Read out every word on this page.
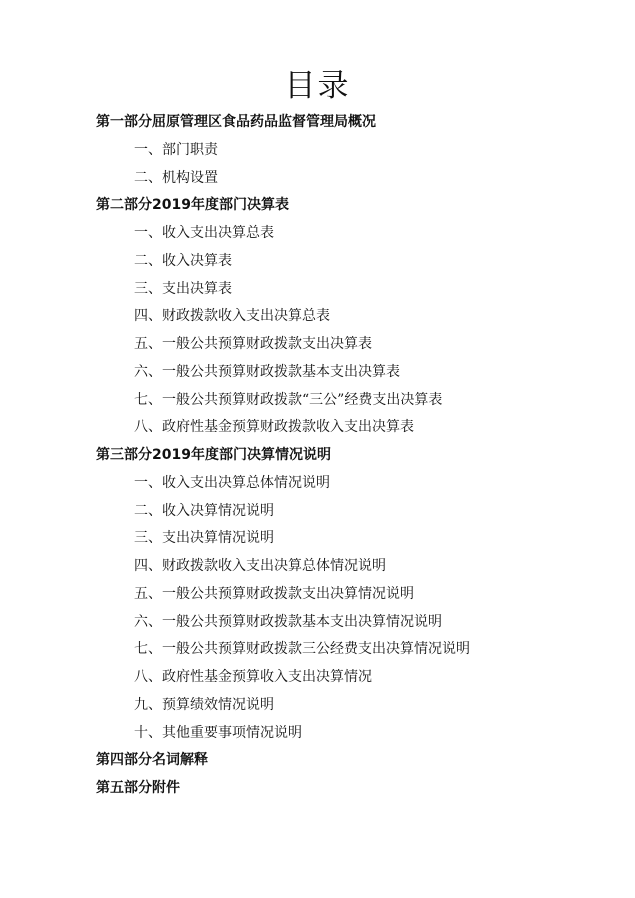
目录
第一部分屈原管理区食品药品监督管理局概况
一、部门职责
二、机构设置
第二部分2019年度部门决算表
一、收入支出决算总表
二、收入决算表
三、支出决算表
四、财政拨款收入支出决算总表
五、一般公共预算财政拨款支出决算表
六、一般公共预算财政拨款基本支出决算表
七、一般公共预算财政拨款“三公”经费支出决算表
八、政府性基金预算财政拨款收入支出决算表
第三部分2019年度部门决算情况说明
一、收入支出决算总体情况说明
二、收入决算情况说明
三、支出决算情况说明
四、财政拨款收入支出决算总体情况说明
五、一般公共预算财政拨款支出决算情况说明
六、一般公共预算财政拨款基本支出决算情况说明
七、一般公共预算财政拨款三公经费支出决算情况说明
八、政府性基金预算收入支出决算情况
九、预算绩效情况说明
十、其他重要事项情况说明
第四部分名词解释
第五部分附件
